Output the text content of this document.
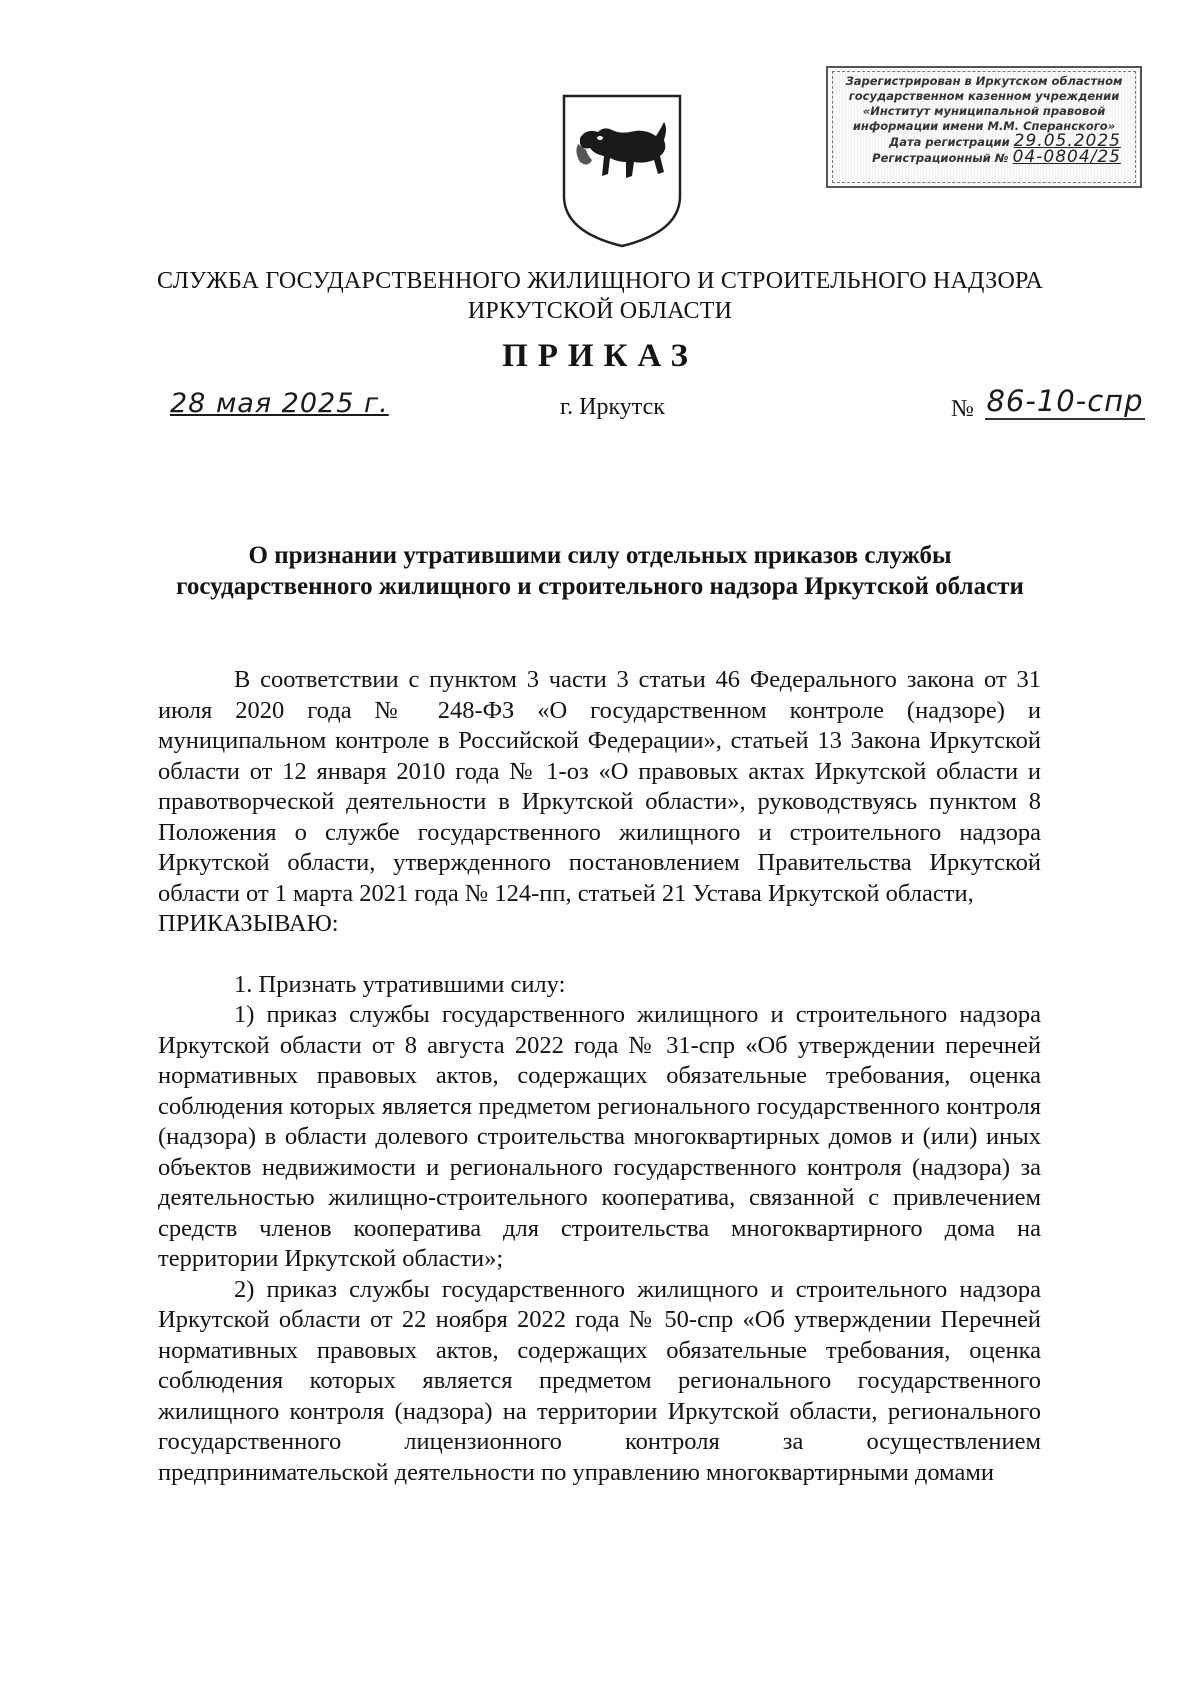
Зарегистрирован в Иркутском областном
государственном казенном учреждении
«Институт муниципальной правовой
информации имени М.М. Сперанского»
Дата регистрации 29.05.2025
Регистрационный № 04-0804/25
СЛУЖБА ГОСУДАРСТВЕННОГО ЖИЛИЩНОГО И СТРОИТЕЛЬНОГО НАДЗОРА
ИРКУТСКОЙ ОБЛАСТИ
ПРИКАЗ
28 мая 2025 г.	г. Иркутск	№ 86-10-спр
О признании утратившими силу отдельных приказов службы
государственного жилищного и строительного надзора Иркутской области

В соответствии с пунктом 3 части 3 статьи 46 Федерального закона от 31 июля 2020 года № 248-ФЗ «О государственном контроле (надзоре) и муниципальном контроле в Российской Федерации», статьей 13 Закона Иркутской области от 12 января 2010 года № 1-оз «О правовых актах Иркутской области и правотворческой деятельности в Иркутской области», руководствуясь пунктом 8 Положения о службе государственного жилищного и строительного надзора Иркутской области, утвержденного постановлением Правительства Иркутской области от 1 марта 2021 года № 124-пп, статьей 21 Устава Иркутской области,

ПРИКАЗЫВАЮ:

1. Признать утратившими силу:

1) приказ службы государственного жилищного и строительного надзора Иркутской области от 8 августа 2022 года № 31-спр «Об утверждении перечней нормативных правовых актов, содержащих обязательные требования, оценка соблюдения которых является предметом регионального государственного контроля (надзора) в области долевого строительства многоквартирных домов и (или) иных объектов недвижимости и регионального государственного контроля (надзора) за деятельностью жилищно-строительного кооператива, связанной с привлечением средств членов кооператива для строительства многоквартирного дома на территории Иркутской области»;

2) приказ службы государственного жилищного и строительного надзора Иркутской области от 22 ноября 2022 года № 50-спр «Об утверждении Перечней нормативных правовых актов, содержащих обязательные требования, оценка соблюдения которых является предметом регионального государственного жилищного контроля (надзора) на территории Иркутской области, регионального государственного лицензионного контроля за осуществлением предпринимательской деятельности по управлению многоквартирными домами
